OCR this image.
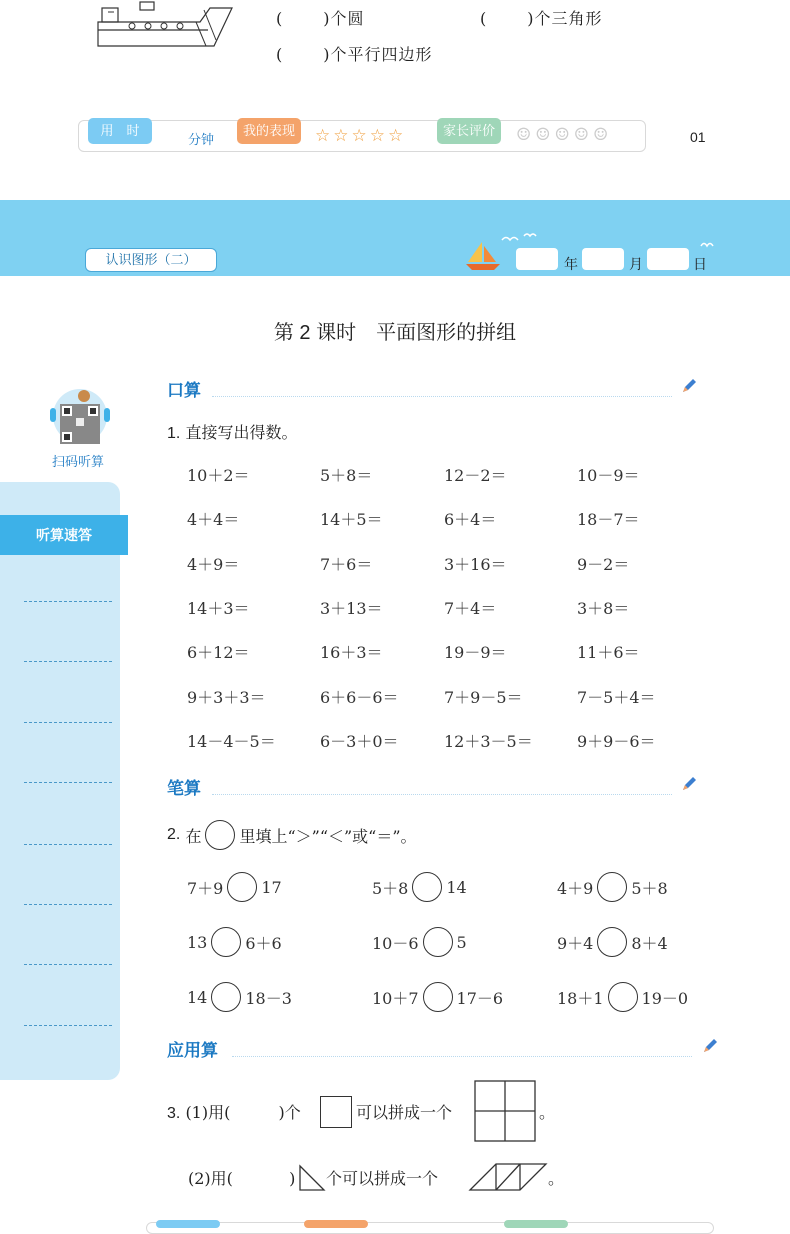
(	)个圆	(	)个三角形
(	)个平行四边形
用　时
分钟
我的表现	☆☆☆☆☆	家长评价	☺☺☺☺☺	01
认识图形（二）	年	月	日
第 2 课时　平面图形的拼组
扫码听算
听算速答
口算
1. 直接写出得数。
10＋2＝	5＋8＝	12－2＝	10－9＝
4＋4＝	14＋5＝	6＋4＝	18－7＝
4＋9＝	7＋6＝	3＋16＝	9－2＝
14＋3＝	3＋13＝	7＋4＝	3＋8＝
6＋12＝	16＋3＝	19－9＝	11＋6＝
9＋3＋3＝	6＋6－6＝	7＋9－5＝	7－5＋4＝
14－4－5＝	6－3＋0＝	12＋3－5＝	9＋9－6＝
笔算
2.
在 里填上“＞”“＜”或“＝”。
7＋9 17	5＋8 14	4＋9 5＋8
13 6＋6	10－6 5	9＋4 8＋4
14 18－3	10＋7 17－6	18＋1 19－0
应用算
3. (1)用(	)个	可以拼成一个	。
(2)用(	) 个可以拼成一个	。
